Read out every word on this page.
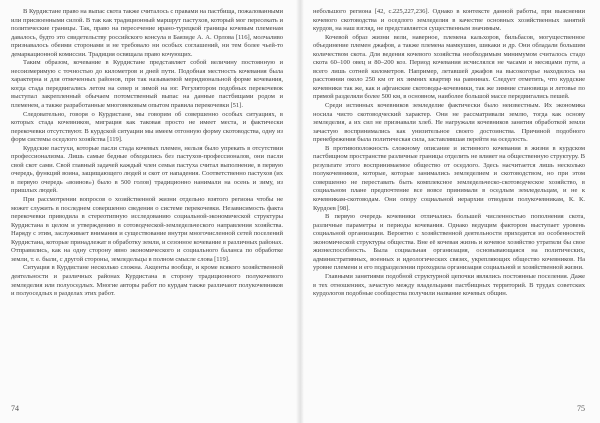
В Курдистане право на выпас скота также считалось с правами на пастбища, пожалованными или присвоенными силой. В так как традиционный маршрут пастухов, который мог пересекать и политические границы. Так, право на пересечение ирано-турецкой границы кочевым племенам давалось, будто это свидетельству российского консула в Баязиде А. А. Орлова [116], молчаливо признавалось обеими сторонами и не требовало ни особых соглашений, ни тем более чьей-то демаркационной комиссии. Традиция освящала право кочующих.

Таким образом, кочевание в Курдистане представляет собой величину постоянную и несоизмеримую с точностью до километров и дней пути. Подобная местность кочевания была характерна и для отмеченных районов, при так называемой меридиональной форме кочевания, когда стада передвигались летом на север и зимой на юг. Регулятором подобных перекочевок выступал закрепленный обычаем потомственный выпас на данные пастбищами родом и племенем, а также разработанные многовековым опытом правила перекочевки [51].

Следовательно, говоря о Курдистане, мы говорим об совершенно особых ситуациях, в которых стада кочевников, миграция как таковая просто не имеет места, и фактически перекочевки отсутствуют. В курдской ситуации мы имеем отгонную форму скотоводства, одну из форм системы оседлого хозяйства [119].

Курдские пастухи, которые пасли стада кочевых племен, нельзя было упрекать в отсутствии профессионализма. Лишь самые бедные обходились без пастухов-профессионалов, они пасли свой скот сами. Свой главный задачей каждый член семьи пастуха считал выполнение, в первую очередь, функций воина, защищающего людей и скот от нападения. Соответственно пастухов (их в первую очередь «воинов») было в 500 голов) традиционно нанимали на осень и зиму, из пришлых людей.

При рассмотрении вопросов о хозяйственной жизни отдельно взятого региона чтобы не может служить в последнем совершенно сведения о системе перекочевки. Независимость факта перекочевки приводила в стереотипную исследованию социальной-экономической структуры Курдистана в целом и утверждению в сотоводческой-земледельческого направления хозяйства. Наряду с этим, заслуживает внимания и существование внутри многочисленной сетей поселений Курдистана, которые принадлежат в обработку земли, и сезонное кочевание в различных районах. Отправились, как на одну сторону явно экономического и социального баланса по обработке земли, т. е. были, с другой стороны, земледельцы в полном смысле слова [119].

Ситуация в Курдистане несколько сложна. Акценты вообще, и кроме всякого хозяйственной деятельности и различных районах Курдистана в сторону традиционного полукочевого земледелия или полуоседлых. Многие авторы работ по курдам также различают полукочевников и полуоседлых в разделах этих работ.

74

небольшого региона [42, с.225,227,236]. Однако в контексте данной работы, при выяснении кочевого скотоводства и оседлого земледелия в качестве основных хозяйственных занятий курдов, на наш взгляд, не представляется существенным значимым.

Кочевой образ жизни вели, наверное, племена кальхоров, бильбасов, могущественное объединение племен джафов, а также племена мамкушин, шикаки и др. Они обладали большим количеством скота. Для ведения кочевого хозяйства необходимым минимумом считалось стадо скота 60–100 овец и 80–200 коз. Период кочевания исчислялся не часами и месяцами пути, а всего лишь сотней километров. Например, летавшей джафов на высокогорье находилось на расстоянии около 250 км от их зимних квартир на равнинах. Следует отметить, что курдские кочевники так же, как и афганские скотоводы-кочевники, так же зимние становища и летовье по прямой разделяли более 500 км, в основном, наиболее большой массе передвигались пешей.

Среди истинных кочевников земледелие фактически было неизвестным. Их экономика носила чисто скотоводческий характер. Они не рассматривали землю, тогда как основу земледелия, а их сил не признавали хлеб. Не нагружали кочевников занятия обработкой земли зачастую воспринимались как унизительное своего достоинства. Причиной подобного пренебрежения была политическая сила, заставлявшая перейти на оседлость.

В противоположность сложному описание и истинного кочевания в жизни в курдском пастбищном пространстве различные границы отделить не влияет на общественную структуру. В результате этого воспринимаемое общество от оседлого. Здесь насчитается лишь несколько полукочевников, которые, которые занимались земледелием и скотоводством, но при этом совершенно не переставать быть комплексное земледельческо-скотоводческое хозяйство, в социальном плане предпочтение все вовсе принимали в оседлым земледельцам, и не к кочевникам-скотоводам. Они опору социальной иерархии отводили полукочевникам, К. К. Курдоев [98].

В первую очередь кочевники отличались большей численностью пополнения скота, различные параметры и периоды кочевания. Однако ведущим фактором выступает уровень социальной организации. Вероятно с хозяйственной деятельности приходятся из особенностей экономической структуры общества. Вне её кочевая жизнь и кочевое хозяйство утратили бы свое жизнеспособность. Была социальная организация, основывающаяся на политических, административных, военных и идеологических связях, укрепляющих общество кочевников. На уровне племени и его подразделении проходила организация социальной и хозяйственной жизни.

Главными занятиями подобной структурной цепочки являлись постоянные поселения. Даже в тех отношениях, зачастую между владельцами пастбищных территорий. В трудах советских курдологов подобные сообщества получили название кочевых общин.

75
